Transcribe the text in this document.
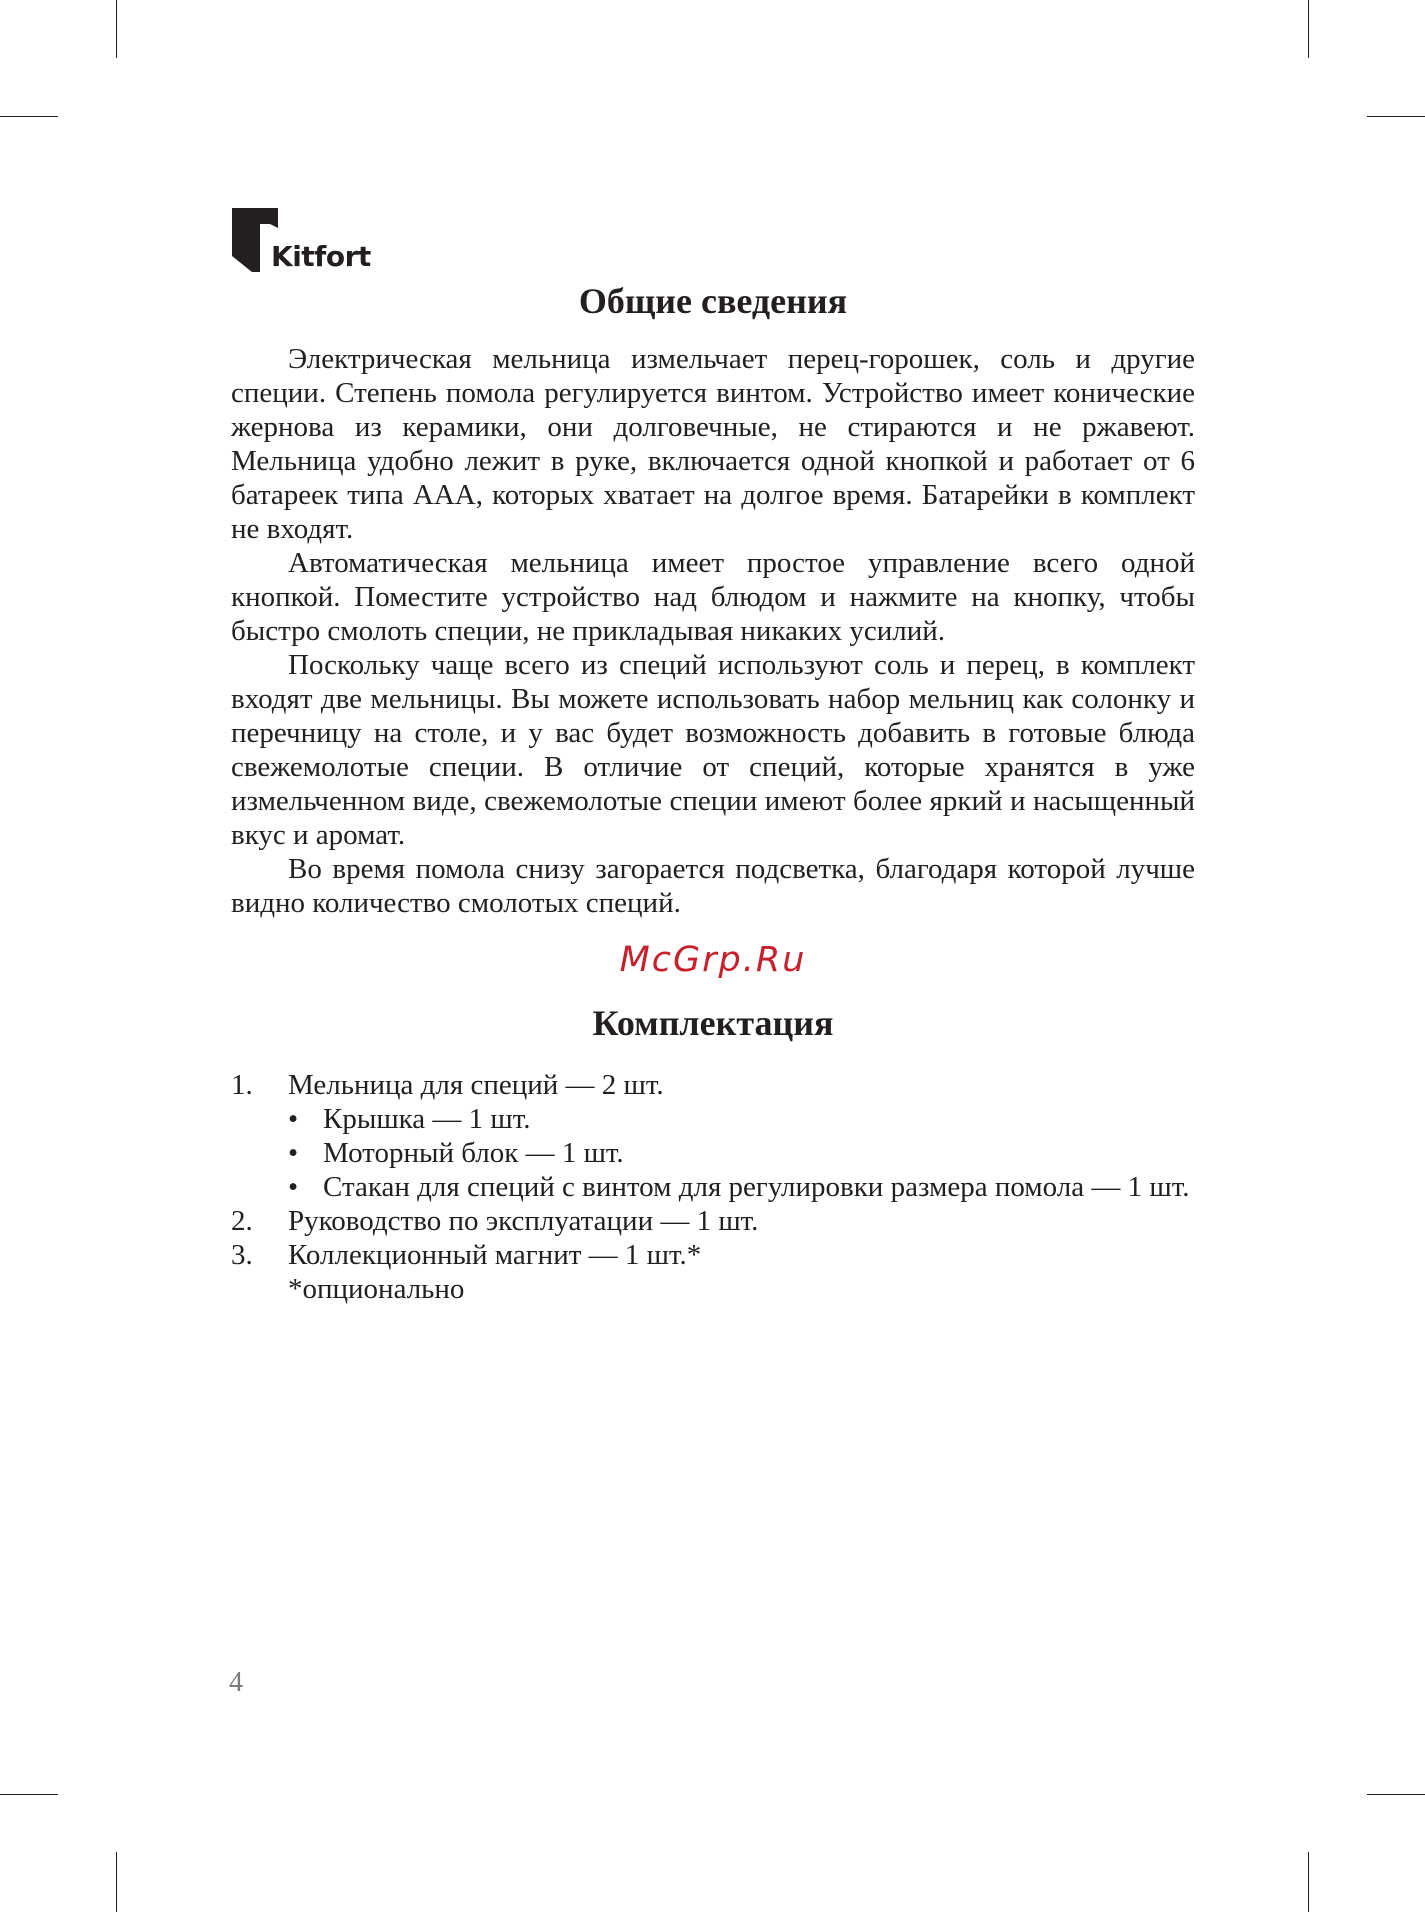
Kitfort
Общие сведения

Электрическая мельница измельчает перец-горошек, соль и другие специи. Степень помола регулируется винтом. Устройство имеет конические жернова из керамики, они долговечные, не стираются и не ржавеют. Мельница удобно лежит в руке, включается одной кнопкой и работает от 6 батареек типа ААА, которых хватает на долгое время. Батарейки в комплект не входят.

Автоматическая мельница имеет простое управление всего одной кнопкой. Поместите устройство над блюдом и нажмите на кнопку, чтобы быстро смолоть специи, не прикладывая никаких усилий.

Поскольку чаще всего из специй используют соль и перец, в комплект входят две мельницы. Вы можете использовать набор мельниц как солонку и перечницу на столе, и у вас будет возможность добавить в готовые блюда свежемолотые специи. В отличие от специй, которые хранятся в уже измельченном виде, свежемолотые специи имеют более яркий и насыщенный вкус и аромат.

Во время помола снизу загорается подсветка, благодаря которой лучше видно количество смолотых специй.

McGrp.Ru
Комплектация
1. Мельница для специй — 2 шт.
• Крышка — 1 шт.
• Моторный блок — 1 шт.
• Стакан для специй с винтом для регулировки размера помола — 1 шт.
2. Руководство по эксплуатации — 1 шт.
3. Коллекционный магнит — 1 шт.*
*опционально
4
